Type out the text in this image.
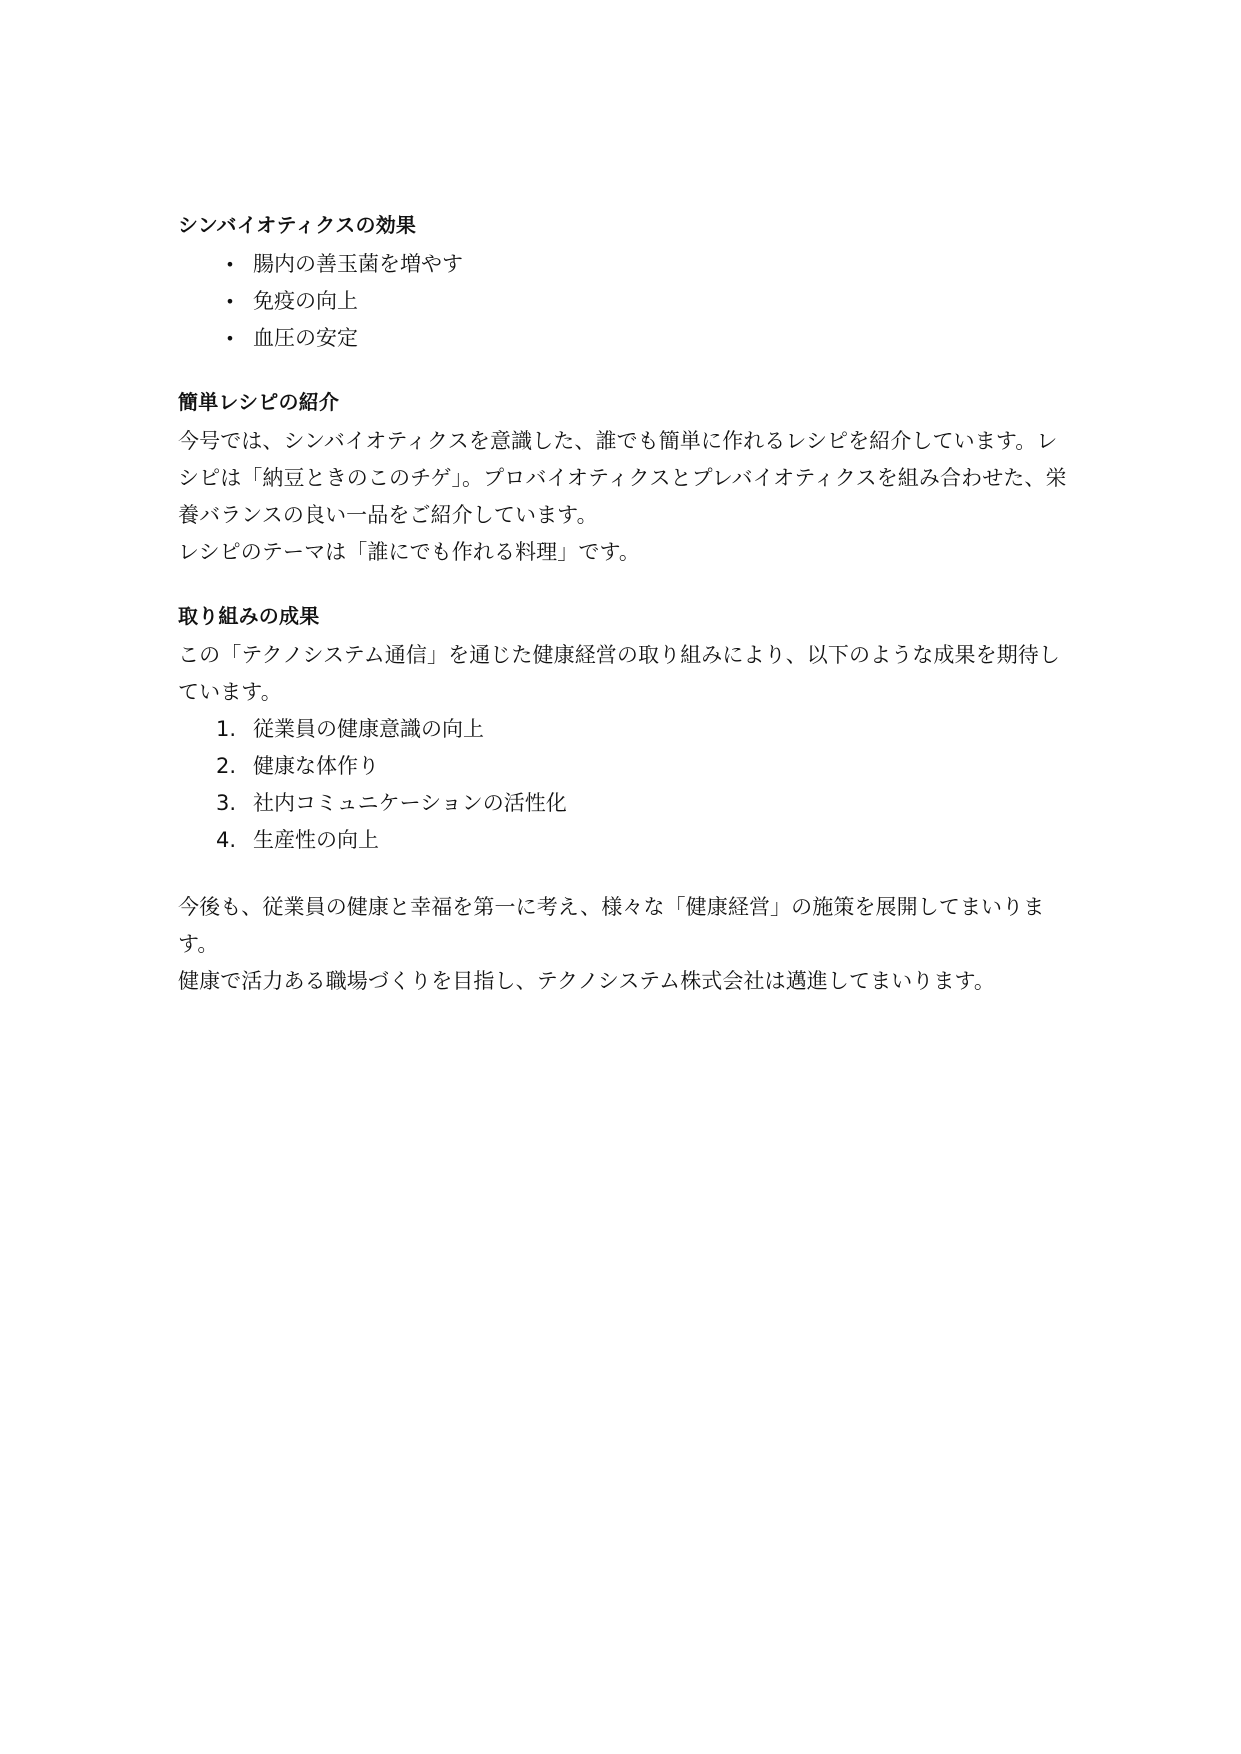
シンバイオティクスの効果
• 腸内の善玉菌を増やす
• 免疫の向上
• 血圧の安定
簡単レシピの紹介

今号では、シンバイオティクスを意識した、誰でも簡単に作れるレシピを紹介しています。レシピは「納豆ときのこのチゲ」。プロバイオティクスとプレバイオティクスを組み合わせた、栄養バランスの良い一品をご紹介しています。

レシピのテーマは「誰にでも作れる料理」です。

取り組みの成果

この「テクノシステム通信」を通じた健康経営の取り組みにより、以下のような成果を期待しています。

1. 従業員の健康意識の向上
2. 健康な体作り
3. 社内コミュニケーションの活性化
4. 生産性の向上

今後も、従業員の健康と幸福を第一に考え、様々な「健康経営」の施策を展開してまいります。

健康で活力ある職場づくりを目指し、テクノシステム株式会社は邁進してまいります。
